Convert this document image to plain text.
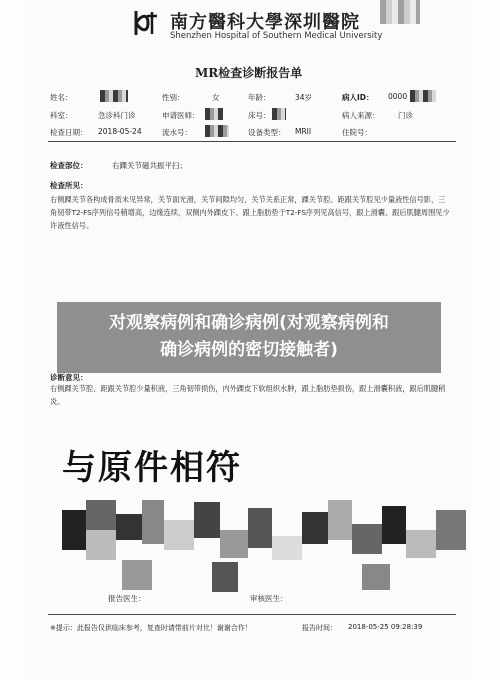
南方醫科大學深圳醫院
Shenzhen Hospital of Southern Medical University
MR检查诊断报告单
姓名：	性别：	女	年龄：	34岁	病人ID： 0000
科室：	急诊科门诊	申请医师：	床号：	病人来源： 门诊
检查日期： 2018-05-24	流水号：	设备类型： MRII	住院号：
检查部位：	右踝关节磁共振平扫；
检查所见：
右侧踝关节各构成骨质未见异常，关节面光滑，关节间隙均匀，关节关系正常，踝关节腔、距跟关节腔见少量液性信号影，三角韧带T2-FS序列信号稍增高，边缘连续，双侧内外踝皮下、跟上脂肪垫于T2-FS序列见高信号，跟上滑囊、跟后肌腱周围见少许液性信号。
诊断意见：
右侧踝关节腔、距跟关节腔少量积液，三角韧带损伤，内外踝皮下软组织水肿，跟上脂肪垫损伤，跟上滑囊积液，跟后肌腱稍炎。
对观察病例和确诊病例(对观察病例和
确诊病例的密切接触者)
与原件相符
报告医生：	审核医生：
※提示：此报告仅供临床参考，复查时请带前片对比！谢谢合作！	报告时间： 2018-05-25 09:28:39
